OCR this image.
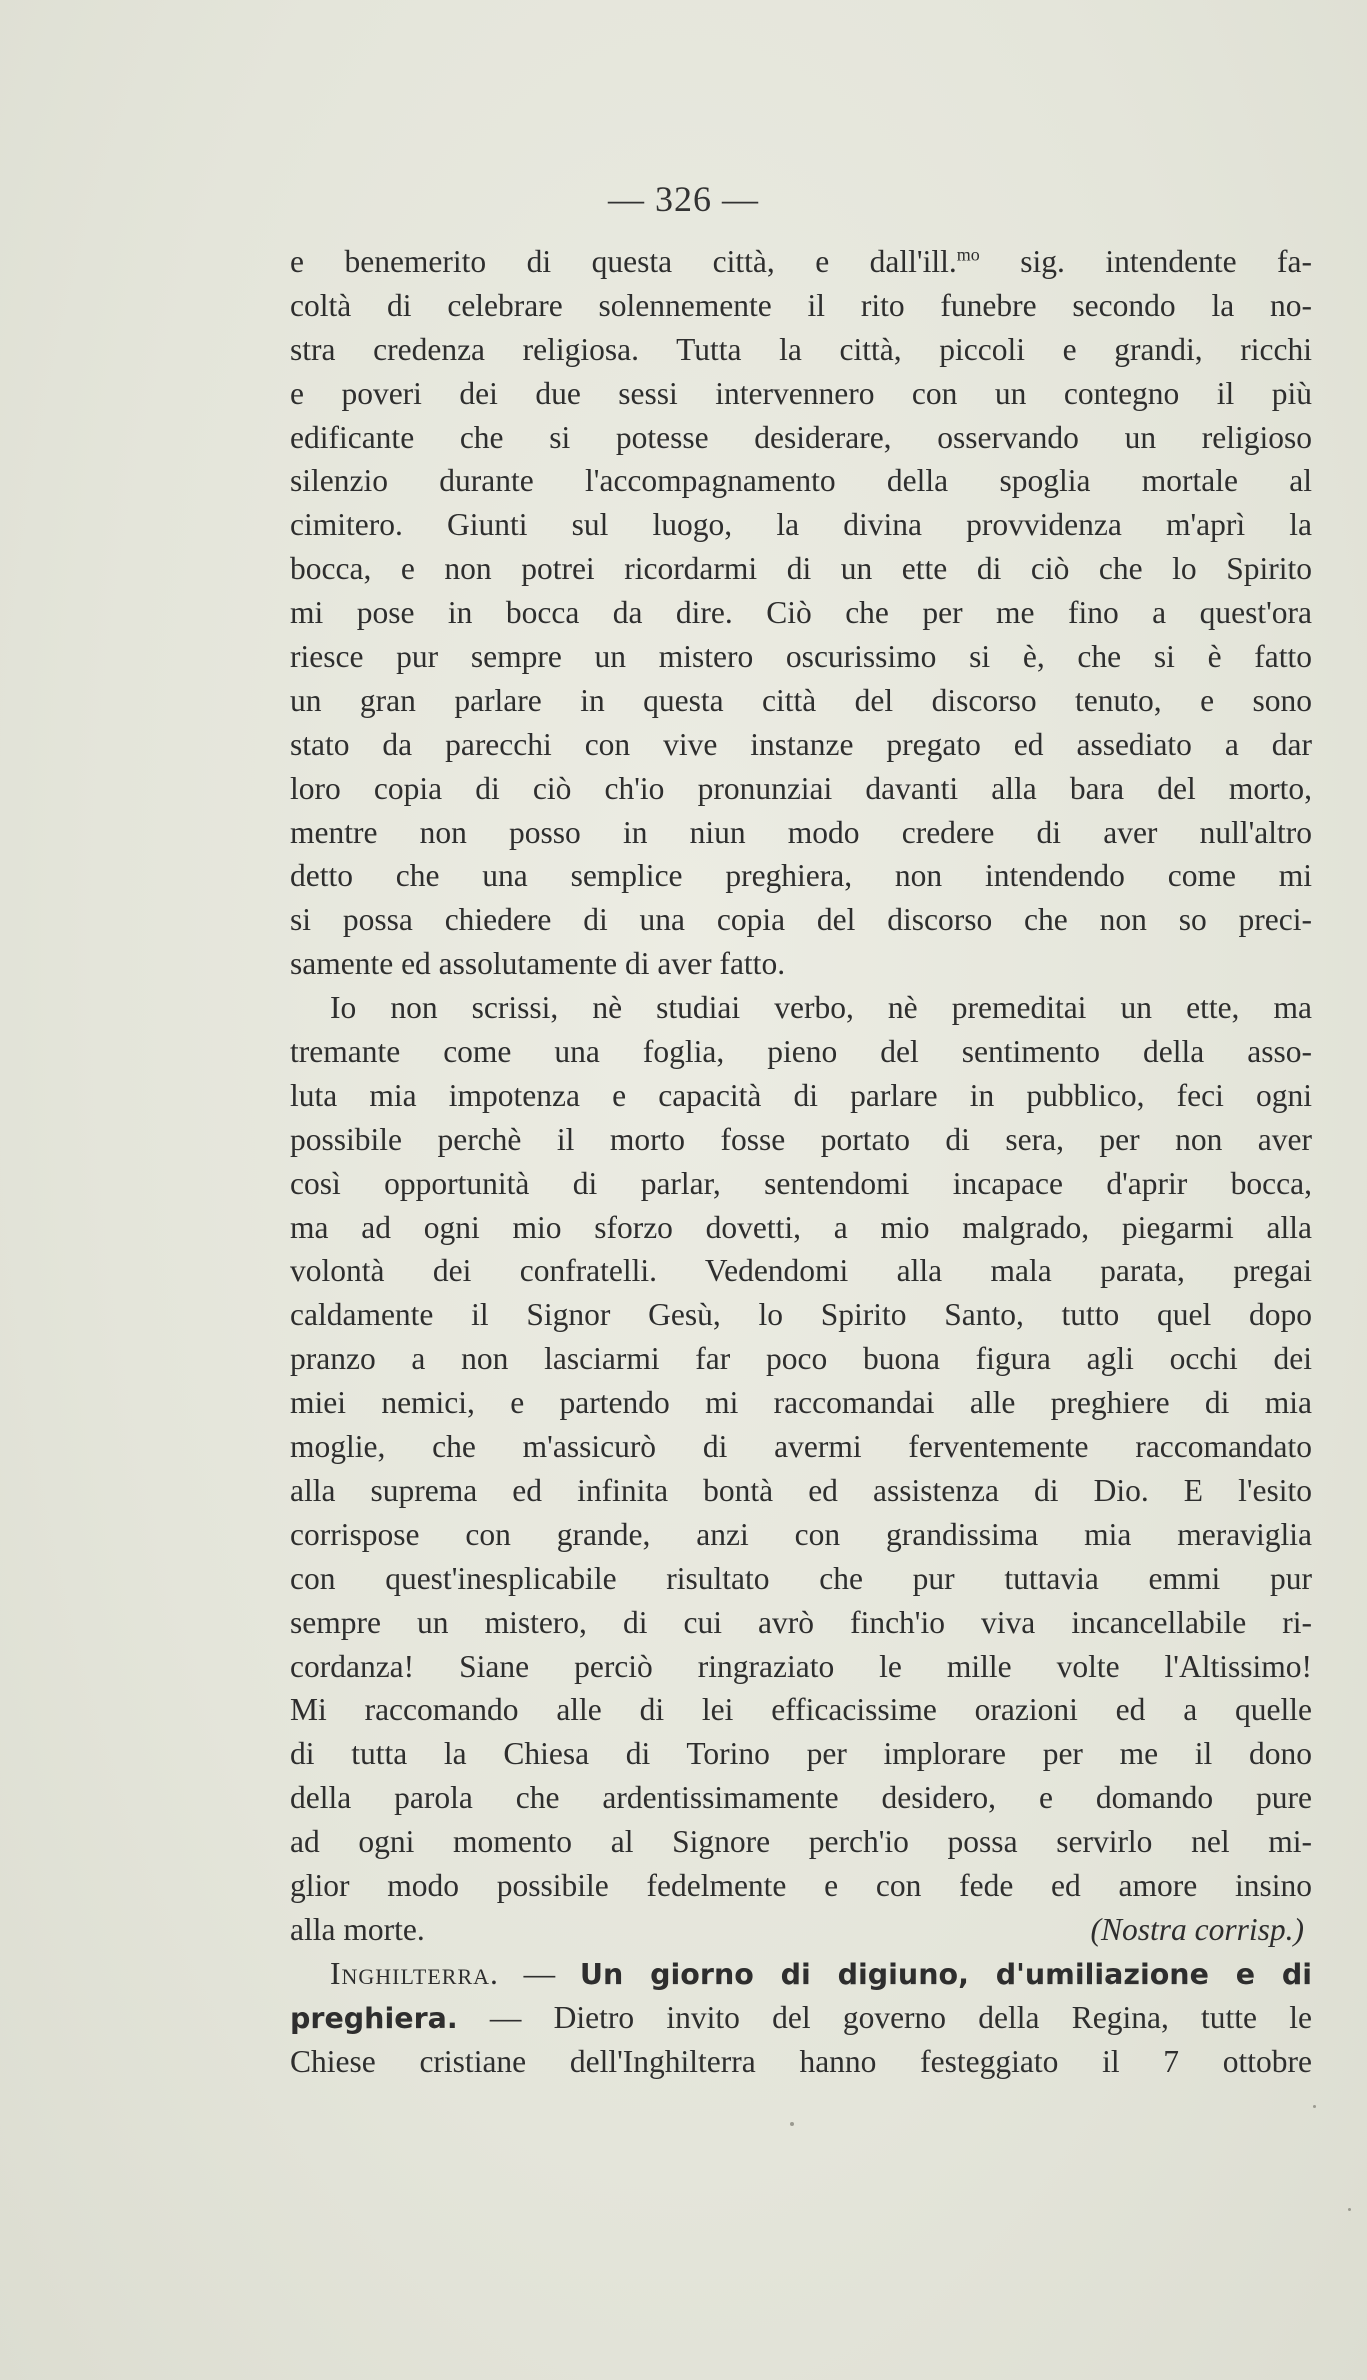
— 326 —
e benemerito di questa città, e dall'ill.$^{mo}$ sig. intendente fa-
coltà di celebrare solennemente il rito funebre secondo la no-
stra credenza religiosa. Tutta la città, piccoli e grandi, ricchi
e poveri dei due sessi intervennero con un contegno il più
edificante che si potesse desiderare, osservando un religioso
silenzio durante l'accompagnamento della spoglia mortale al
cimitero. Giunti sul luogo, la divina provvidenza m'aprì la
bocca, e non potrei ricordarmi di un ette di ciò che lo Spirito
mi pose in bocca da dire. Ciò che per me fino a quest'ora
riesce pur sempre un mistero oscurissimo si è, che si è fatto
un gran parlare in questa città del discorso tenuto, e sono
stato da parecchi con vive instanze pregato ed assediato a dar
loro copia di ciò ch'io pronunziai davanti alla bara del morto,
mentre non posso in niun modo credere di aver null'altro
detto che una semplice preghiera, non intendendo come mi
si possa chiedere di una copia del discorso che non so preci-
samente ed assolutamente di aver fatto.
Io non scrissi, nè studiai verbo, nè premeditai un ette, ma
tremante come una foglia, pieno del sentimento della asso-
luta mia impotenza e capacità di parlare in pubblico, feci ogni
possibile perchè il morto fosse portato di sera, per non aver
così opportunità di parlar, sentendomi incapace d'aprir bocca,
ma ad ogni mio sforzo dovetti, a mio malgrado, piegarmi alla
volontà dei confratelli. Vedendomi alla mala parata, pregai
caldamente il Signor Gesù, lo Spirito Santo, tutto quel dopo
pranzo a non lasciarmi far poco buona figura agli occhi dei
miei nemici, e partendo mi raccomandai alle preghiere di mia
moglie, che m'assicurò di avermi ferventemente raccomandato
alla suprema ed infinita bontà ed assistenza di Dio. E l'esito
corrispose con grande, anzi con grandissima mia meraviglia
con quest'inesplicabile risultato che pur tuttavia emmi pur
sempre un mistero, di cui avrò finch'io viva incancellabile ri-
cordanza! Siane perciò ringraziato le mille volte l'Altissimo!
Mi raccomando alle di lei efficacissime orazioni ed a quelle
di tutta la Chiesa di Torino per implorare per me il dono
della parola che ardentissimamente desidero, e domando pure
ad ogni momento al Signore perch'io possa servirlo nel mi-
glior modo possibile fedelmente e con fede ed amore insino
alla morte.	(Nostra corrisp.)
Inghilterra. — Un giorno di digiuno, d'umiliazione e di
preghiera. — Dietro invito del governo della Regina, tutte le
Chiese cristiane dell'Inghilterra hanno festeggiato il 7 ottobre
